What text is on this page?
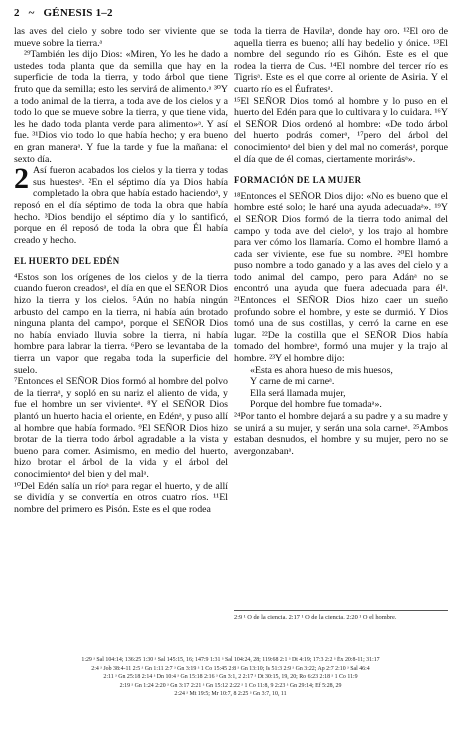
2 ~ GÉNESIS 1–2

las aves del cielo y sobre todo ser viviente que se mueve sobre la tierra.ᵃ

²⁹También les dijo Dios: «Miren, Yo les he dado a ustedes toda planta que da semilla que hay en la superficie de toda la tierra, y todo árbol que tiene fruto que da semilla; esto les servirá de alimento.ᵃ ³⁰Y a todo animal de la tierra, a toda ave de los cielos y a todo lo que se mueve sobre la tierra, y que tiene vida, les he dado toda planta verde para alimento»ᵃ. Y así fue. ³¹Dios vio todo lo que había hecho; y era bueno en gran maneraᵃ. Y fue la tarde y fue la mañana: el sexto día.

2 Así fueron acabados los cielos y la tierra y todas sus huestesᵃ. ²En el séptimo día ya Dios había completado la obra que había estado haciendoᵃ, y reposó en el día séptimo de toda la obra que había hecho. ³Dios bendijo el séptimo día y lo santificó, porque en él reposó de toda la obra que Él había creado y hecho.

EL HUERTO DEL EDÉN

⁴Estos son los orígenes de los cielos y de la tierra cuando fueron creadosᵃ, el día en que el SEÑOR Dios hizo la tierra y los cielos. ⁵Aún no había ningún arbusto del campo en la tierra, ni había aún brotado ninguna planta del campoᵃ, porque el SEÑOR Dios no había enviado lluvia sobre la tierra, ni había hombre para labrar la tierra. ⁶Pero se levantaba de la tierra un vapor que regaba toda la superficie del suelo.

⁷Entonces el SEÑOR Dios formó al hombre del polvo de la tierraᵃ, y sopló en su nariz el aliento de vida, y fue el hombre un ser vivienteᵃ. ⁸Y el SEÑOR Dios plantó un huerto hacia el oriente, en Edénᵃ, y puso allí al hombre que había formado. ⁹El SEÑOR Dios hizo brotar de la tierra todo árbol agradable a la vista y bueno para comer. Asimismo, en medio del huerto, hizo brotar el árbol de la vida y el árbol del conocimientoᵃ del bien y del malᵃ.

¹⁰Del Edén salía un ríoᵃ para regar el huerto, y de allí se dividía y se convertía en otros cuatro ríos. ¹¹El nombre del primero es Pisón. Este es el que rodea

toda la tierra de Havilaᵃ, donde hay oro. ¹²El oro de aquella tierra es bueno; allí hay bedelio y ónice. ¹³El nombre del segundo río es Gihón. Este es el que rodea la tierra de Cus. ¹⁴El nombre del tercer río es Tigrisᵃ. Este es el que corre al oriente de Asiria. Y el cuarto río es el Éufratesᵃ.

¹⁵El SEÑOR Dios tomó al hombre y lo puso en el huerto del Edén para que lo cultivara y lo cuidara. ¹⁶Y el SEÑOR Dios ordenó al hombre: «De todo árbol del huerto podrás comerᵃ, ¹⁷pero del árbol del conocimientoᵃ del bien y del mal no comerásᵃ, porque el día que de él comas, ciertamente morirásᵃ».

FORMACIÓN DE LA MUJER

¹⁸Entonces el SEÑOR Dios dijo: «No es bueno que el hombre esté solo; le haré una ayuda adecuadaᵃ». ¹⁹Y el SEÑOR Dios formó de la tierra todo animal del campo y toda ave del cieloᵃ, y los trajo al hombre para ver cómo los llamaría. Como el hombre llamó a cada ser viviente, ese fue su nombre. ²⁰El hombre puso nombre a todo ganado y a las aves del cielo y a todo animal del campo, pero para Adánᵃ no se encontró una ayuda que fuera adecuada para élᵃ. ²¹Entonces el SEÑOR Dios hizo caer un sueño profundo sobre el hombre, y este se durmió. Y Dios tomó una de sus costillas, y cerró la carne en ese lugar. ²²De la costilla que el SEÑOR Dios había tomado del hombreᵃ, formó una mujer y la trajo al hombre. ²³Y el hombre dijo:

«Esta es ahora hueso de mis huesos,
Y carne de mi carneᵃ.
Ella será llamada mujer,
Porque del hombre fue tomadaᵃ».

²⁴Por tanto el hombre dejará a su padre y a su madre y se unirá a su mujer, y serán una sola carneᵃ. ²⁵Ambos estaban desnudos, el hombre y su mujer, pero no se avergonzabanᵃ.

2:9 ¹ O de la ciencia. 2:17 ¹ O de la ciencia. 2:20 ¹ O el hombre.
1:29 ᵃ Sal 104:14; 136:25 1:30 ᵃ Sal 145:15, 16; 147:9 1:31 ᵃ Sal 104:24, 28; 119:68 2:1 ᵃ Dt 4:19; 17:3 2:2 ᵃ Éx 20:8-11; 31:17
2:4 ᵃ Job 38:4-11 2:5 ᵃ Gn 1:11 2:7 ᵃ Gn 3:19 ᵃ 1 Co 15:45 2:8 ᵃ Gn 13:10; Is 51:3 2:9 ᵃ Gn 3:22; Ap 2:7 2:10 ᵃ Sal 46:4
2:11 ᵃ Gn 25:18 2:14 ᵃ Dn 10:4 ᵃ Gn 15:18 2:16 ᵃ Gn 3:1, 2 2:17 ᵃ Dt 30:15, 19, 20; Ro 6:23 2:18 ᵃ 1 Co 11:9
2:19 ᵃ Gn 1:24 2:20 ᵃ Gn 3:17 2:21 ᵃ Gn 15:12 2:22 ᵃ 1 Co 11:8, 9 2:23 ᵃ Gn 29:14; Ef 5:28, 29
2:24 ᵃ Mt 19:5; Mr 10:7, 8 2:25 ᵃ Gn 3:7, 10, 11
